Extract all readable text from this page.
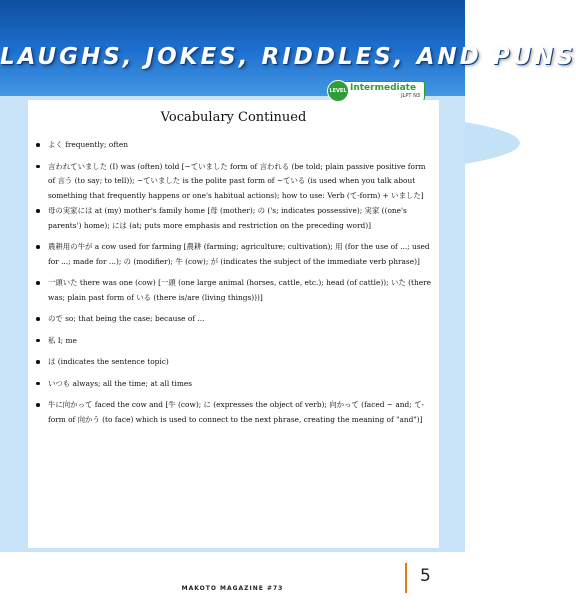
LAUGHS, JOKES, RIDDLES, AND PUNS
Intermediate
JLPT N3
LEVEL
Vocabulary Continued
よく frequently; often
言われていました (I) was (often) told [~ていました form of 言われる (be told; plain passive positive form of 言う (to say; to tell)); ~ていました is the polite past form of ~ている (is used when you talk about something that frequently happens or one's habitual actions); how to use: Verb (て-form) + いました]
母の実家には at (my) mother's family home [母 (mother); の ('s; indicates possessive); 実家 ((one's parents') home); には (at; puts more emphasis and restriction on the preceding word)]
農耕用の牛が a cow used for farming [農耕 (farming; agriculture; cultivation); 用 (for the use of ...; used for ...; made for ...); の (modifier); 牛 (cow); が (indicates the subject of the immediate verb phrase)]
一頭いた there was one (cow) [一頭 (one large animal (horses, cattle, etc.); head (of cattle)); いた (there was; plain past form of いる (there is/are (living things)))]
ので so; that being the case; because of ...
私 I; me
は (indicates the sentence topic)
いつも always; all the time; at all times
牛に向かって faced the cow and [牛 (cow); に (expresses the object of verb); 向かって (faced ~ and; て-form of 向かう (to face) which is used to connect to the next phrase, creating the meaning of "and")]
MAKOTO MAGAZINE #73
5
